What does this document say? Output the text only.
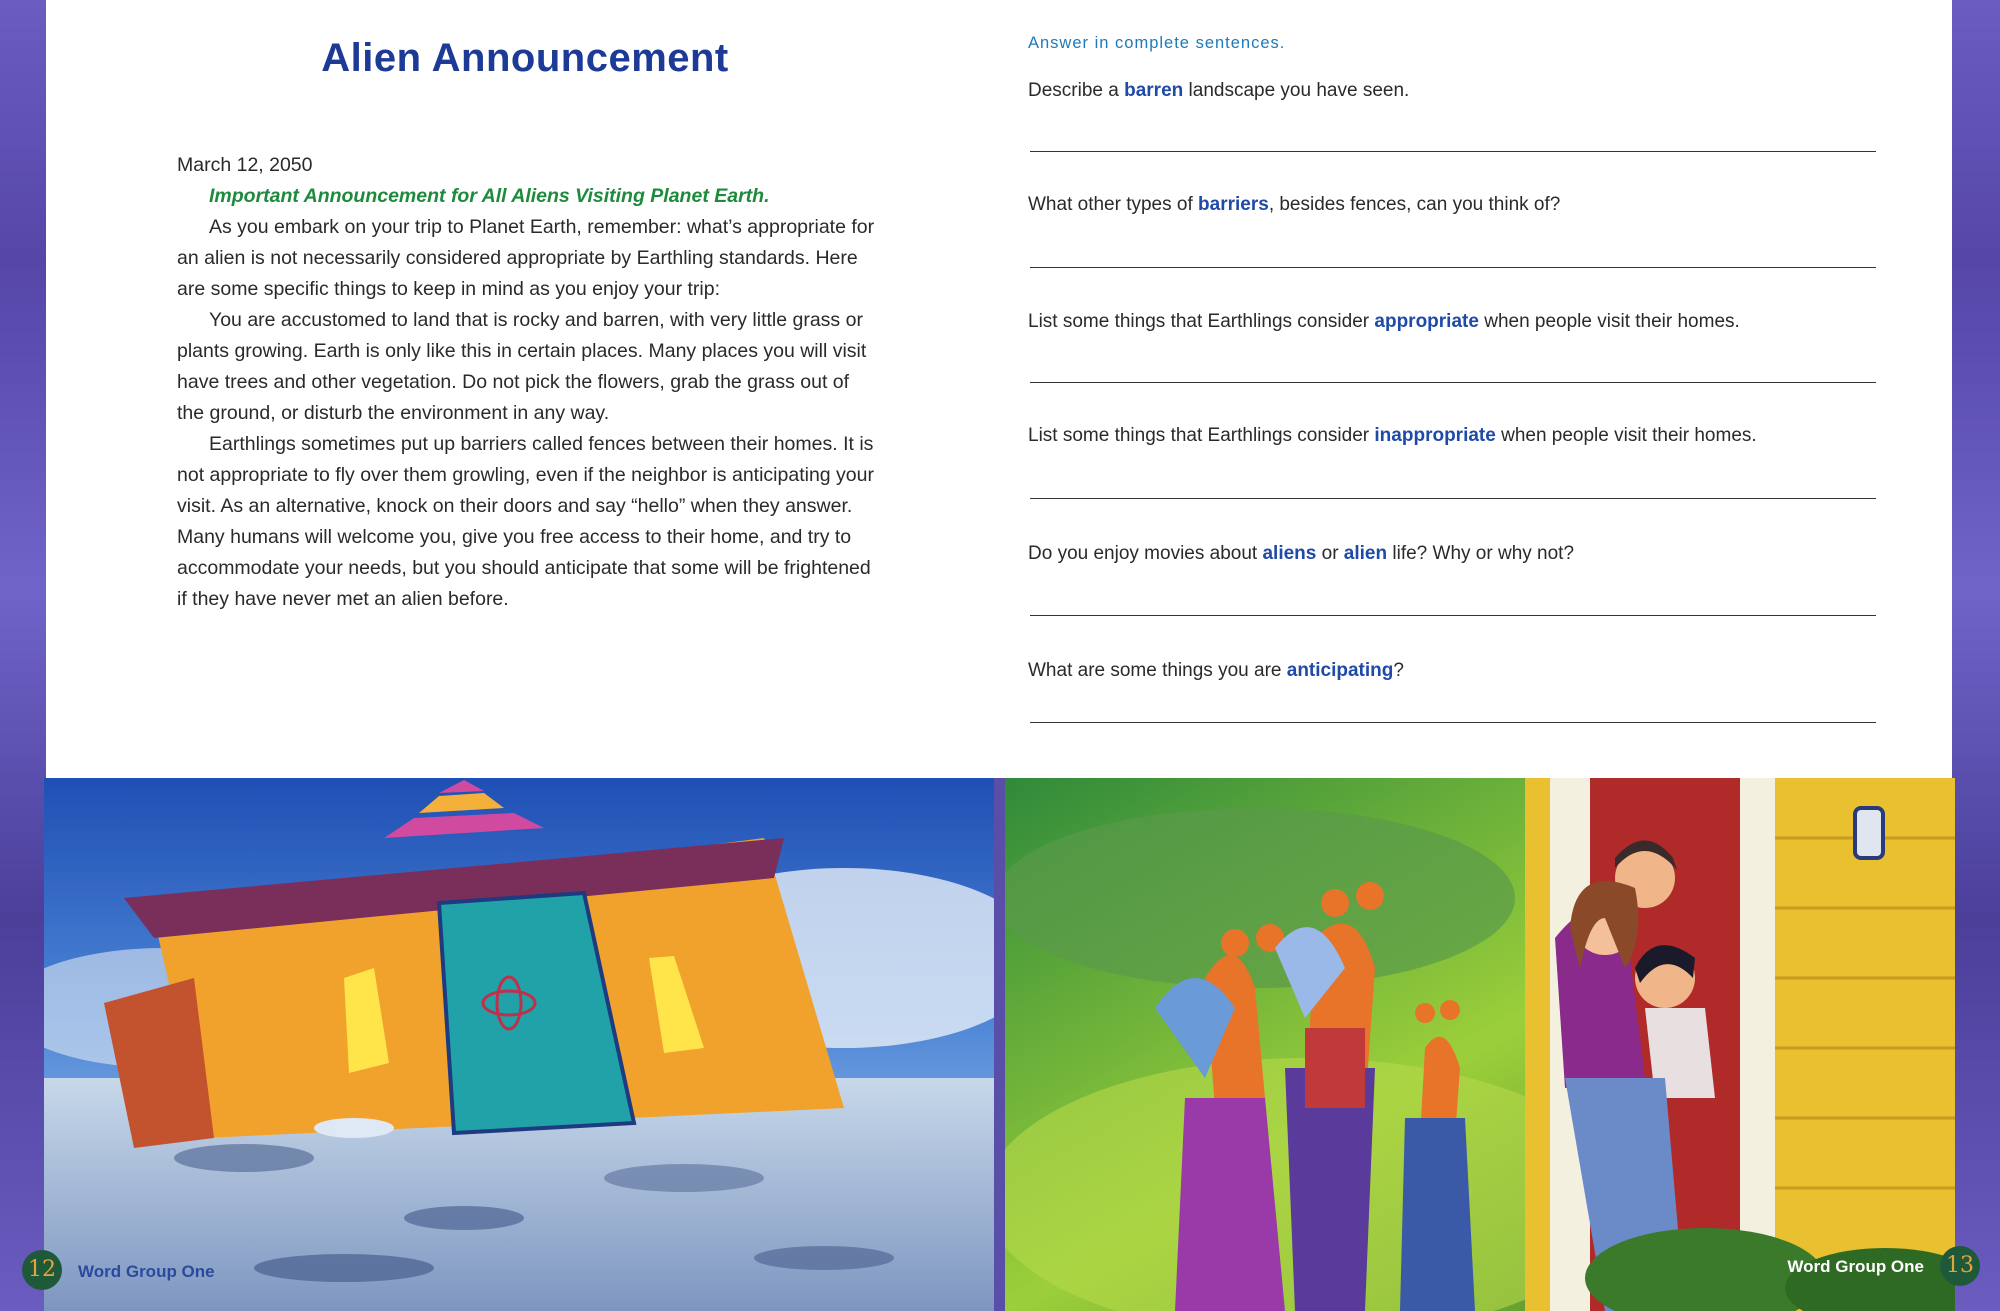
Alien Announcement

March 12, 2050

Important Announcement for All Aliens Visiting Planet Earth.

As you embark on your trip to Planet Earth, remember: what’s appropriate for an alien is not necessarily considered appropriate by Earthling standards. Here are some specific things to keep in mind as you enjoy your trip:

You are accustomed to land that is rocky and barren, with very little grass or plants growing. Earth is only like this in certain places. Many places you will visit have trees and other vegetation. Do not pick the flowers, grab the grass out of the ground, or disturb the environment in any way.

Earthlings sometimes put up barriers called fences between their homes. It is not appropriate to fly over them growling, even if the neighbor is anticipating your visit. As an alternative, knock on their doors and say “hello” when they answer. Many humans will welcome you, give you free access to their home, and try to accommodate your needs, but you should anticipate that some will be frightened if they have never met an alien before.

12	Word Group One
Answer in complete sentences.
Describe a barren landscape you have seen.
What other types of barriers, besides fences, can you think of?
List some things that Earthlings consider appropriate when people visit their homes.
List some things that Earthlings consider inappropriate when people visit their homes.
Do you enjoy movies about aliens or alien life? Why or why not?
What are some things you are anticipating?
Word Group One 13
